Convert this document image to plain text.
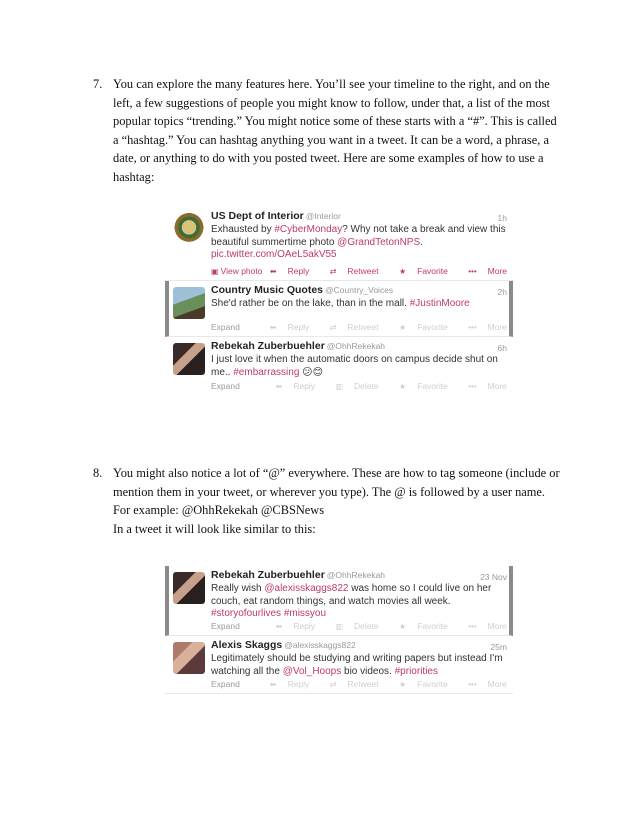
7. You can explore the many features here. You’ll see your timeline to the right, and on the left, a few suggestions of people you might know to follow, under that, a list of the most popular topics “trending.” You might notice some of these starts with a “#”. This is called a “hashtag.” You can hashtag anything you want in a tweet. It can be a word, a phrase, a date, or anything to do with you posted tweet. Here are some examples of how to use a hashtag:

US Dept of Interior @Interior	1h
Exhausted by #CyberMonday? Why not take a break and view this beautiful summertime photo @GrandTetonNPS. pic.twitter.com/OAeL5akV55
▣ View photo ⬅ Reply	⇄ Retweet	★ Favorite	••• More
Country Music Quotes @Country_Voices	2h
She'd rather be on the lake, than in the mall. #JustinMoore
Expand	⬅ Reply	⇄ Retweet	★ Favorite	••• More
Rebekah Zuberbuehler @OhhRekekah	6h
I just love it when the automatic doors on campus decide shut on me.. #embarrassing 😕😊
Expand	⬅ Reply	▥ Delete	★ Favorite	••• More
8. You might also notice a lot of “@” everywhere. These are how to tag someone (include or mention them in your tweet, or wherever you type). The @ is followed by a user name. For example: @OhhRekekah @CBSNews

In a tweet it will look like similar to this:

Rebekah Zuberbuehler @OhhRekekah	23 Nov
Really wish @alexisskaggs822 was home so I could live on her couch, eat random things, and watch movies all week. #storyofourlives #missyou
Expand	⬅ Reply	▥ Delete	★ Favorite	••• More
Alexis Skaggs @alexisskaggs822	25m
Legitimately should be studying and writing papers but instead I'm watching all the @Vol_Hoops bio videos. #priorities
Expand	⬅ Reply	⇄ Retweet	★ Favorite	••• More
